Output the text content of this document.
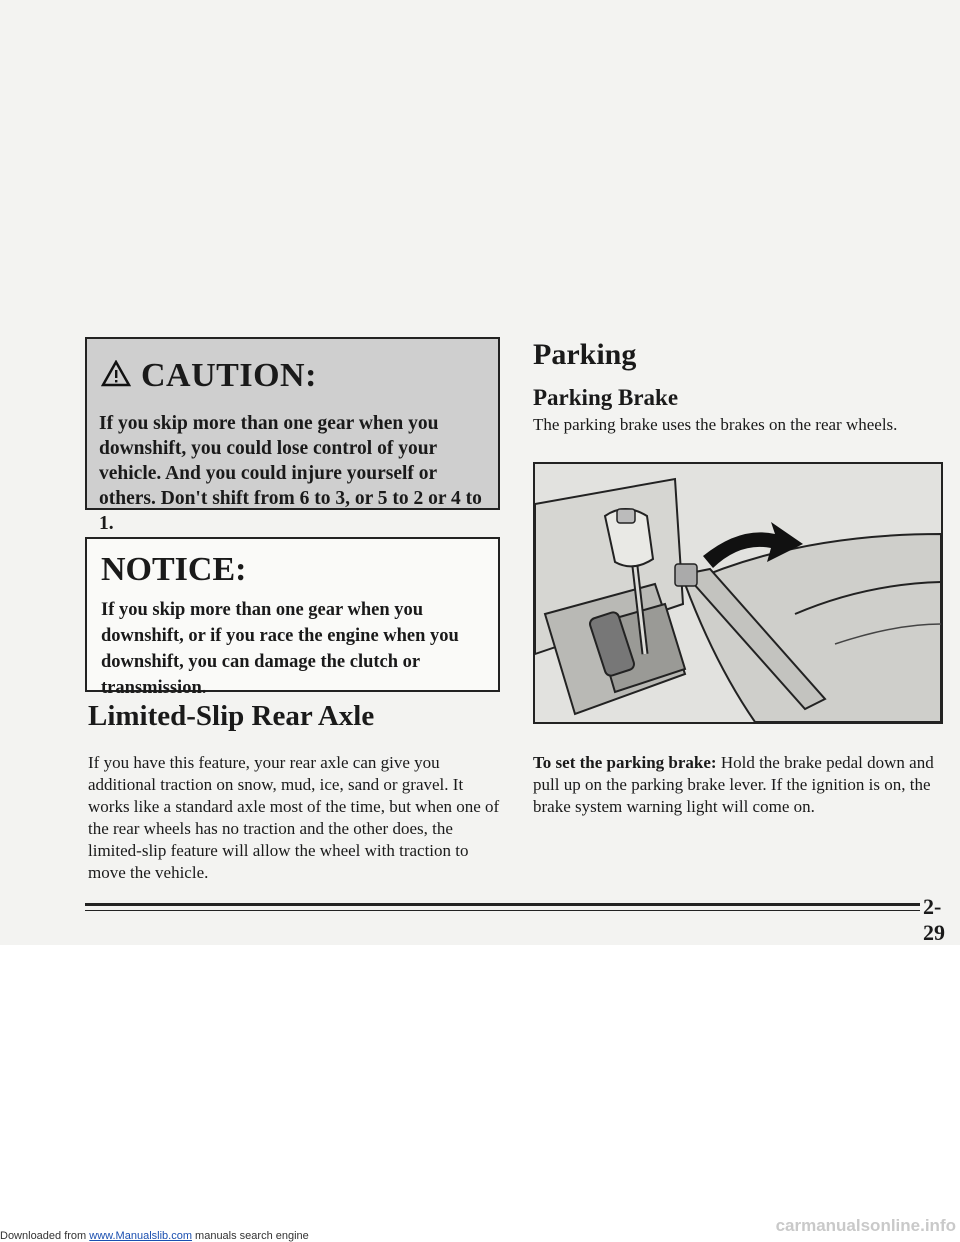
CAUTION:
If you skip more than one gear when you downshift, you could lose control of your vehicle. And you could injure yourself or others. Don't shift from 6 to 3, or 5 to 2 or 4 to 1.
NOTICE:
If you skip more than one gear when you downshift, or if you race the engine when you downshift, you can damage the clutch or transmission.
Limited-Slip Rear Axle

If you have this feature, your rear axle can give you additional traction on snow, mud, ice, sand or gravel. It works like a standard axle most of the time, but when one of the rear wheels has no traction and the other does, the limited-slip feature will allow the wheel with traction to move the vehicle.

Parking
Parking Brake

The parking brake uses the brakes on the rear wheels.

To set the parking brake: Hold the brake pedal down and pull up on the parking brake lever. If the ignition is on, the brake system warning light will come on.

2-29
Downloaded from www.Manualslib.com manuals search engine
carmanualsonline.info
